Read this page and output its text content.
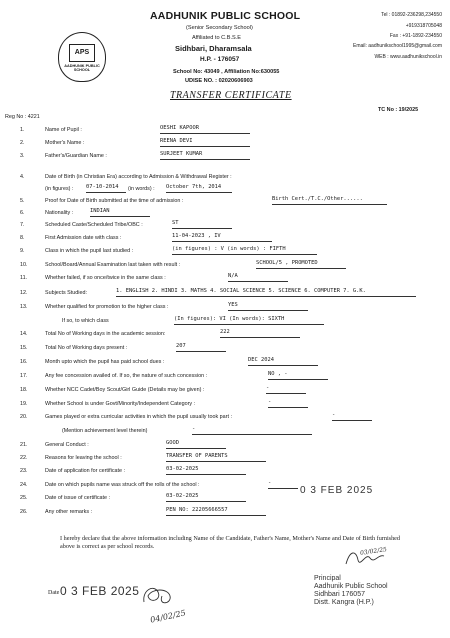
AADHUNIK PUBLIC SCHOOL
(Senior Secondary School)
Affiliated to C.B.S.E
Sidhbari, Dharamsala
H.P. - 176057
School No: 43049 , Affiliation No:630055
UDISE NO. : 02020606903
Tel : 01892-236298,234550
+919318705048
Fax : +91-1892-234550
Email: aadhunikschool1995@gmail.com
WEB : www.aadhunikschool.in
APS
AADHUNIK PUBLIC SCHOOL
TRANSFER CERTIFICATE
Reg No : 4221
TC No : 19/2025
1.	Name of Pupil :	OESHI KAPOOR
2.	Mother's Name :	REENA DEVI
3.	Father's/Guardian Name :	SURJEET KUMAR
5.	Proof for Date of Birth submitted at the time of admission :	Birth Cert./T.C./Other......
6.	Nationality :	INDIAN
7.	Scheduled Caste/Scheduled Tribe/OBC :	ST
8.	First Admission date with class :	11-04-2023 , IV
9.	Class in which the pupil last studied :	(in figures) : V (in words) : FIFTH
10.	School/Board/Annual Examination last taken with result :	SCHOOL/5 , PROMOTED
11.	Whether failed, if so once/twice in the same class :	N/A
12.	Subjects Studied:	1. ENGLISH 2. HINDI 3. MATHS 4. SOCIAL SCIENCE 5. SCIENCE 6. COMPUTER 7. G.K.
13.	Whether qualified for promotion to the higher class :	YES
14.	Total No of Working days in the academic session:	222
15.	Total No of Working days present :	207
16.	Month upto which the pupil has paid school dues :	DEC 2024
17.	Any fee concession availed of. If so, the nature of such concession :	NO , -
18.	Whether NCC Cadet/Boy Scout/Girl Guide (Details may be given) :	-
19.	Whether School is under Govt/Minority/Independent Category :	-
20.	Games played or extra curricular activities in which the pupil usually took part :	-
21.	General Conduct :	GOOD
22.	Reasons for leaving the school :	TRANSFER OF PARENTS
23.	Date of application for certificate :	03-02-2025
24.	Date on which pupils name was struck off the rolls of the school :	-
25.	Date of issue of certificate :	03-02-2025
26.	Any other remarks :	PEN NO: 22205666557
4.	Date of Birth (in Christian Era) according to Admission & Withdrawal Register :
(in figures) : 07-10-2014	(in words) : October 7th, 2014
If so, to which class	(In figures): VI (In words): SIXTH
(Mention achievement level therein)	-
0 3 FEB 2025
I hereby declare that the above information including Name of the Candidate, Father's Name, Mother's Name and Date of Birth furnished above is correct as per school records.
Date 0 3 FEB 2025
04/02/25
03/02/25
Principal
Aadhunik Public School
Sidhbari 176057
Distt. Kangra (H.P.)
